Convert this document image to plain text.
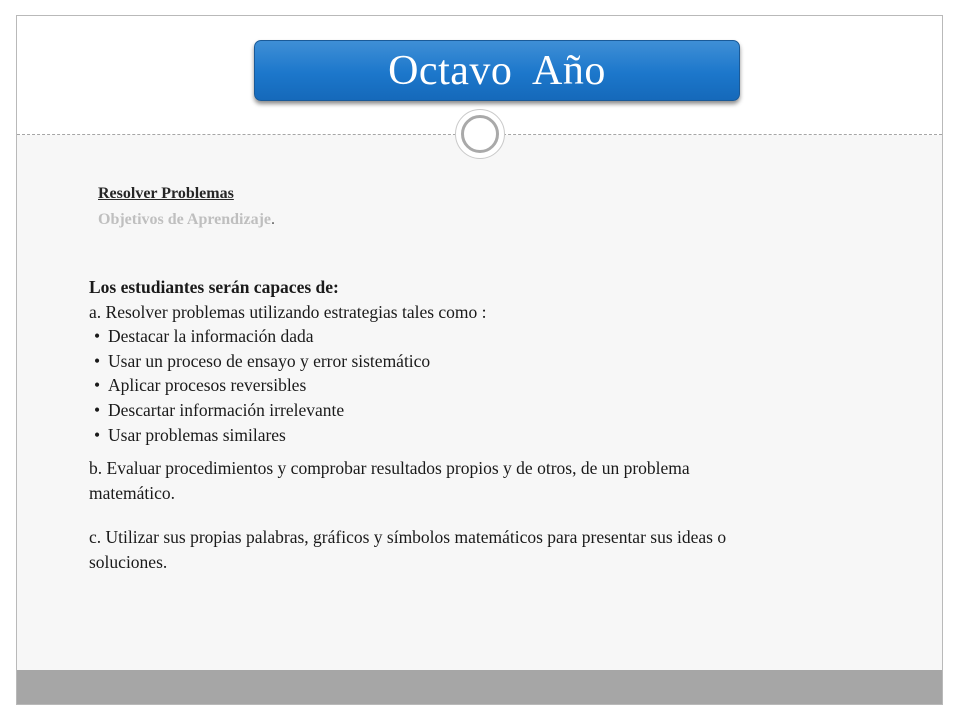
Octavo  Año
Resolver Problemas
Objetivos de Aprendizaje.

Los estudiantes serán capaces de:

a. Resolver problemas utilizando estrategias tales como :

• Destacar la información dada
• Usar un proceso de ensayo y error sistemático
• Aplicar procesos reversibles
• Descartar información irrelevante
• Usar problemas similares

b. Evaluar procedimientos y comprobar resultados propios y de otros, de un problema matemático.

c. Utilizar sus propias palabras, gráficos y símbolos matemáticos para presentar sus ideas o soluciones.
